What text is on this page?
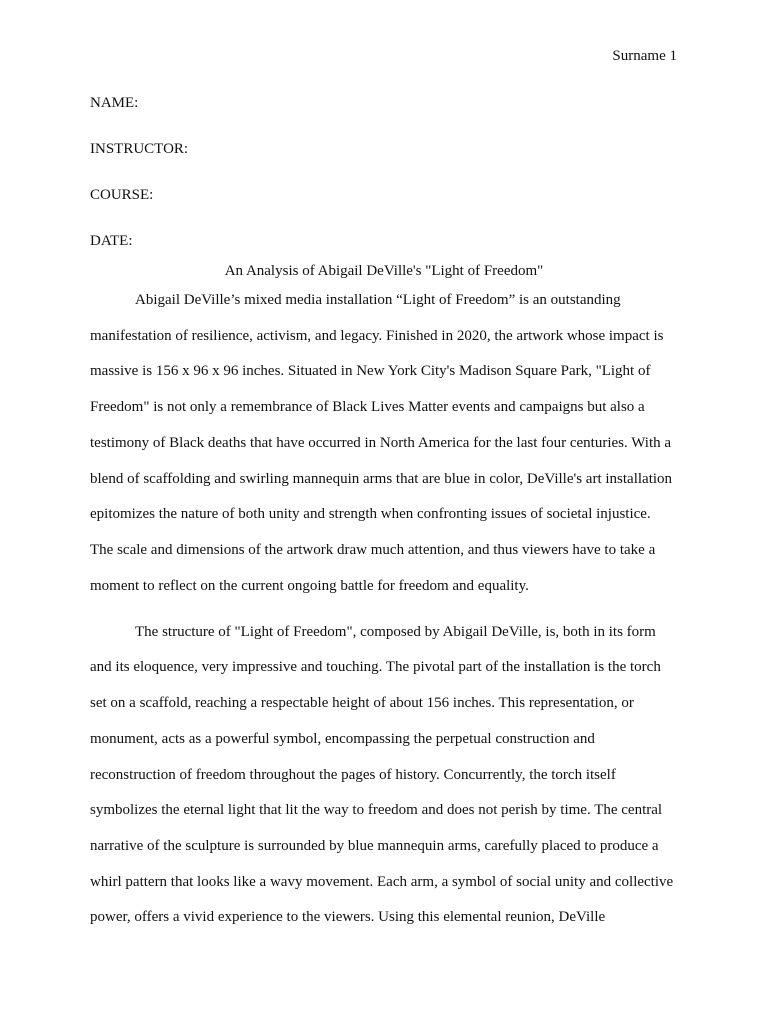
Surname 1
NAME:
INSTRUCTOR:
COURSE:
DATE:
An Analysis of Abigail DeVille's "Light of Freedom"
Abigail DeVille’s mixed media installation “Light of Freedom” is an outstanding
manifestation of resilience, activism, and legacy. Finished in 2020, the artwork whose impact is
massive is 156 x 96 x 96 inches. Situated in New York City's Madison Square Park, "Light of
Freedom" is not only a remembrance of Black Lives Matter events and campaigns but also a
testimony of Black deaths that have occurred in North America for the last four centuries. With a
blend of scaffolding and swirling mannequin arms that are blue in color, DeVille's art installation
epitomizes the nature of both unity and strength when confronting issues of societal injustice.
The scale and dimensions of the artwork draw much attention, and thus viewers have to take a
moment to reflect on the current ongoing battle for freedom and equality.
The structure of "Light of Freedom", composed by Abigail DeVille, is, both in its form
and its eloquence, very impressive and touching. The pivotal part of the installation is the torch
set on a scaffold, reaching a respectable height of about 156 inches. This representation, or
monument, acts as a powerful symbol, encompassing the perpetual construction and
reconstruction of freedom throughout the pages of history. Concurrently, the torch itself
symbolizes the eternal light that lit the way to freedom and does not perish by time. The central
narrative of the sculpture is surrounded by blue mannequin arms, carefully placed to produce a
whirl pattern that looks like a wavy movement. Each arm, a symbol of social unity and collective
power, offers a vivid experience to the viewers. Using this elemental reunion, DeVille
